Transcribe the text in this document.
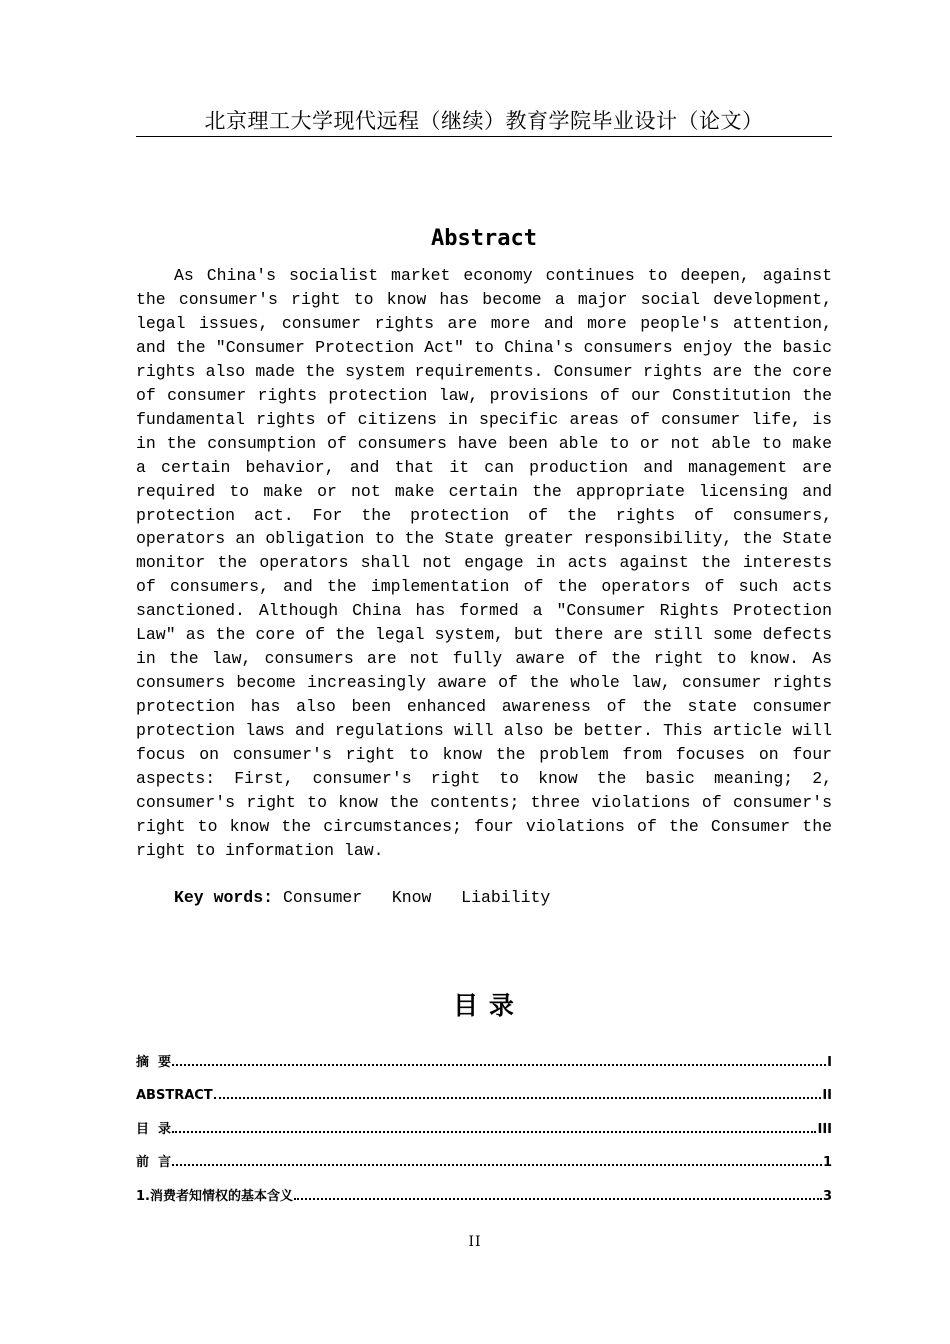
北京理工大学现代远程（继续）教育学院毕业设计（论文）
Abstract
As China's socialist market economy continues to deepen, against the consumer's right to know has become a major social development, legal issues, consumer rights are more and more people's attention, and the "Consumer Protection Act" to China's consumers enjoy the basic rights also made the system requirements. Consumer rights are the core of consumer rights protection law, provisions of our Constitution the fundamental rights of citizens in specific areas of consumer life, is in the consumption of consumers have been able to or not able to make a certain behavior, and that it can production and management are required to make or not make certain the appropriate licensing and protection act. For the protection of the rights of consumers, operators an obligation to the State greater responsibility, the State monitor the operators shall not engage in acts against the interests of consumers, and the implementation of the operators of such acts sanctioned. Although China has formed a "Consumer Rights Protection Law" as the core of the legal system, but there are still some defects in the law, consumers are not fully aware of the right to know. As consumers become increasingly aware of the whole law, consumer rights protection has also been enhanced awareness of the state consumer protection laws and regulations will also be better. This article will focus on consumer's right to know the problem from focuses on four aspects: First, consumer's right to know the basic meaning; 2, consumer's right to know the contents; three violations of consumer's right to know the circumstances; four violations of the Consumer the right to information law.
Key words: Consumer   Know   Liability
目 录
摘  要	I
ABSTRACT	II
目  录	III
前  言	1
1.消费者知情权的基本含义	3
II
